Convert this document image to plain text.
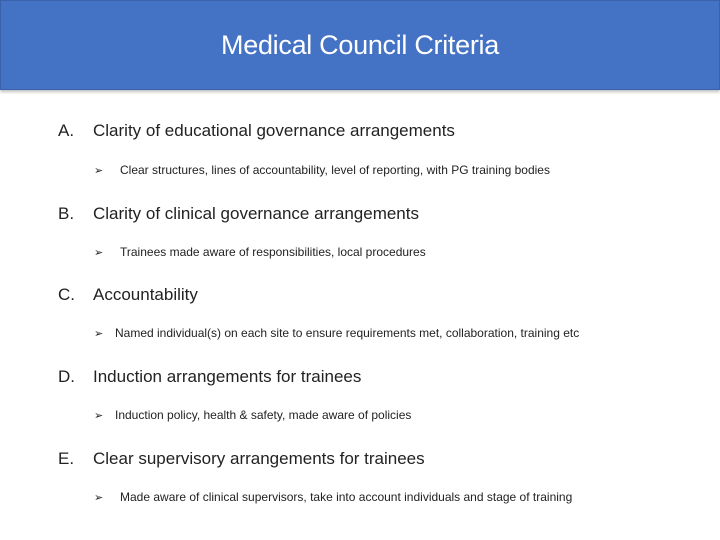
Medical Council Criteria
A. Clarity of educational governance arrangements
➢ Clear structures, lines of accountability, level of reporting, with PG training bodies
B. Clarity of clinical governance arrangements
➢ Trainees made aware of responsibilities, local procedures
C. Accountability
➢ Named individual(s) on each site to ensure requirements met, collaboration, training etc
D. Induction arrangements for trainees
➢ Induction policy, health & safety, made aware of policies
E. Clear supervisory arrangements for trainees
➢ Made aware of clinical supervisors, take into account individuals and stage of training
